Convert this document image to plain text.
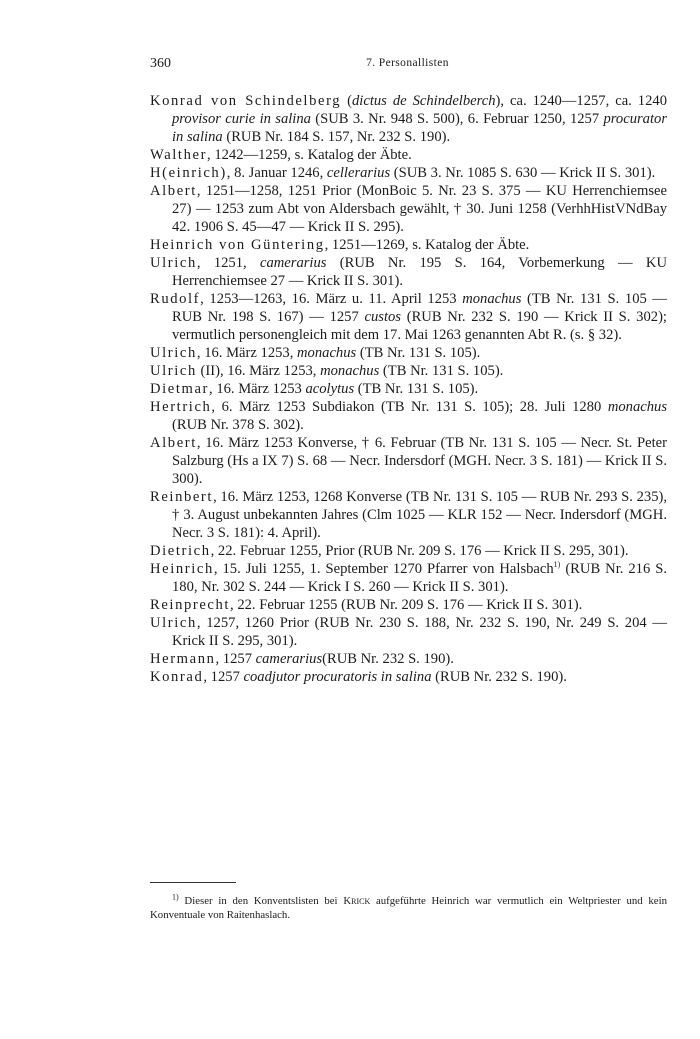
360	7. Personallisten

Konrad von Schindelberg (dictus de Schindelberch), ca. 1240—1257, ca. 1240 provisor curie in salina (SUB 3. Nr. 948 S. 500), 6. Februar 1250, 1257 procurator in salina (RUB Nr. 184 S. 157, Nr. 232 S. 190).

Walther, 1242—1259, s. Katalog der Äbte.

H(einrich), 8. Januar 1246, cellerarius (SUB 3. Nr. 1085 S. 630 — Krick II S. 301).

Albert, 1251—1258, 1251 Prior (MonBoic 5. Nr. 23 S. 375 — KU Herrenchiemsee 27) — 1253 zum Abt von Aldersbach gewählt, † 30. Juni 1258 (VerhhHistVNdBay 42. 1906 S. 45—47 — Krick II S. 295).

Heinrich von Güntering, 1251—1269, s. Katalog der Äbte.

Ulrich, 1251, camerarius (RUB Nr. 195 S. 164, Vorbemerkung — KU Herrenchiemsee 27 — Krick II S. 301).

Rudolf, 1253—1263, 16. März u. 11. April 1253 monachus (TB Nr. 131 S. 105 — RUB Nr. 198 S. 167) — 1257 custos (RUB Nr. 232 S. 190 — Krick II S. 302); vermutlich personengleich mit dem 17. Mai 1263 genannten Abt R. (s. § 32).

Ulrich, 16. März 1253, monachus (TB Nr. 131 S. 105).

Ulrich (II), 16. März 1253, monachus (TB Nr. 131 S. 105).

Dietmar, 16. März 1253 acolytus (TB Nr. 131 S. 105).

Hertrich, 6. März 1253 Subdiakon (TB Nr. 131 S. 105); 28. Juli 1280 monachus (RUB Nr. 378 S. 302).

Albert, 16. März 1253 Konverse, † 6. Februar (TB Nr. 131 S. 105 — Necr. St. Peter Salzburg (Hs a IX 7) S. 68 — Necr. Indersdorf (MGH. Necr. 3 S. 181) — Krick II S. 300).

Reinbert, 16. März 1253, 1268 Konverse (TB Nr. 131 S. 105 — RUB Nr. 293 S. 235), † 3. August unbekannten Jahres (Clm 1025 — KLR 152 — Necr. Indersdorf (MGH. Necr. 3 S. 181): 4. April).

Dietrich, 22. Februar 1255, Prior (RUB Nr. 209 S. 176 — Krick II S. 295, 301).

Heinrich, 15. Juli 1255, 1. September 1270 Pfarrer von Halsbach$^{1)}$ (RUB Nr. 216 S. 180, Nr. 302 S. 244 — Krick I S. 260 — Krick II S. 301).

Reinprecht, 22. Februar 1255 (RUB Nr. 209 S. 176 — Krick II S. 301).

Ulrich, 1257, 1260 Prior (RUB Nr. 230 S. 188, Nr. 232 S. 190, Nr. 249 S. 204 — Krick II S. 295, 301).

Hermann, 1257 camerarius(RUB Nr. 232 S. 190).

Konrad, 1257 coadjutor procuratoris in salina (RUB Nr. 232 S. 190).

$^{1)}$ Dieser in den Konventslisten bei Krick aufgeführte Heinrich war vermutlich ein Weltpriester und kein Konventuale von Raitenhaslach.
